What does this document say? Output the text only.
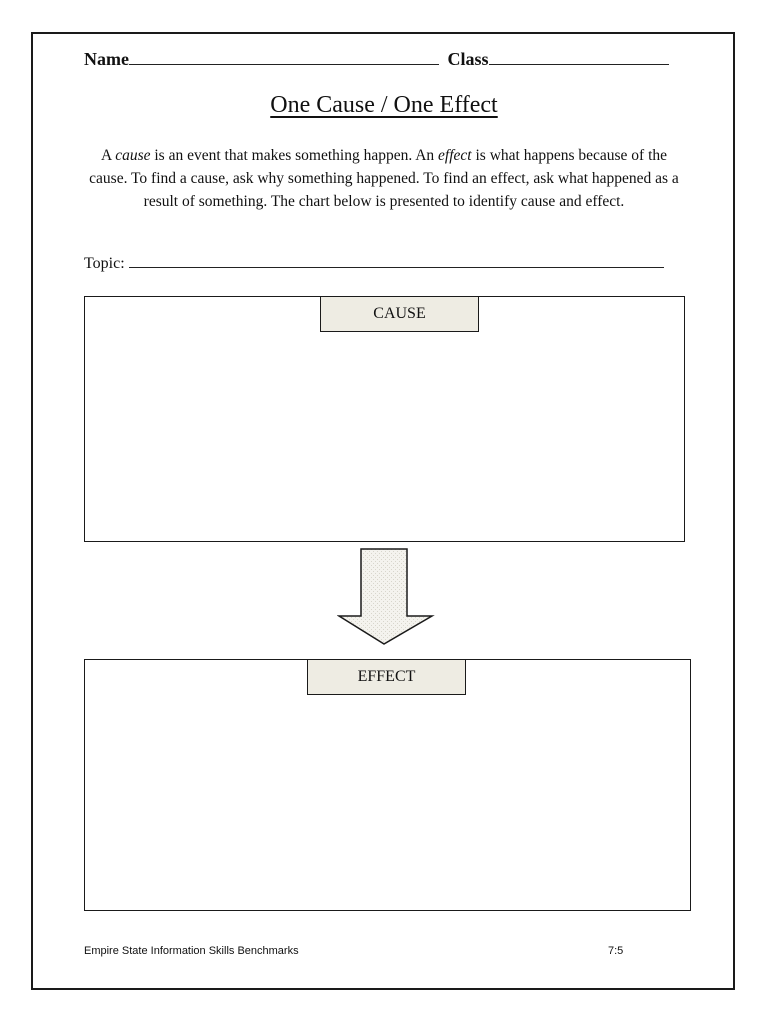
Name	Class
One Cause / One Effect
A cause is an event that makes something happen. An effect is what happens because of the cause. To find a cause, ask why something happened. To find an effect, ask what happened as a result of something. The chart below is presented to identify cause and effect.
Topic:
CAUSE
EFFECT
Empire State Information Skills Benchmarks	7:5
